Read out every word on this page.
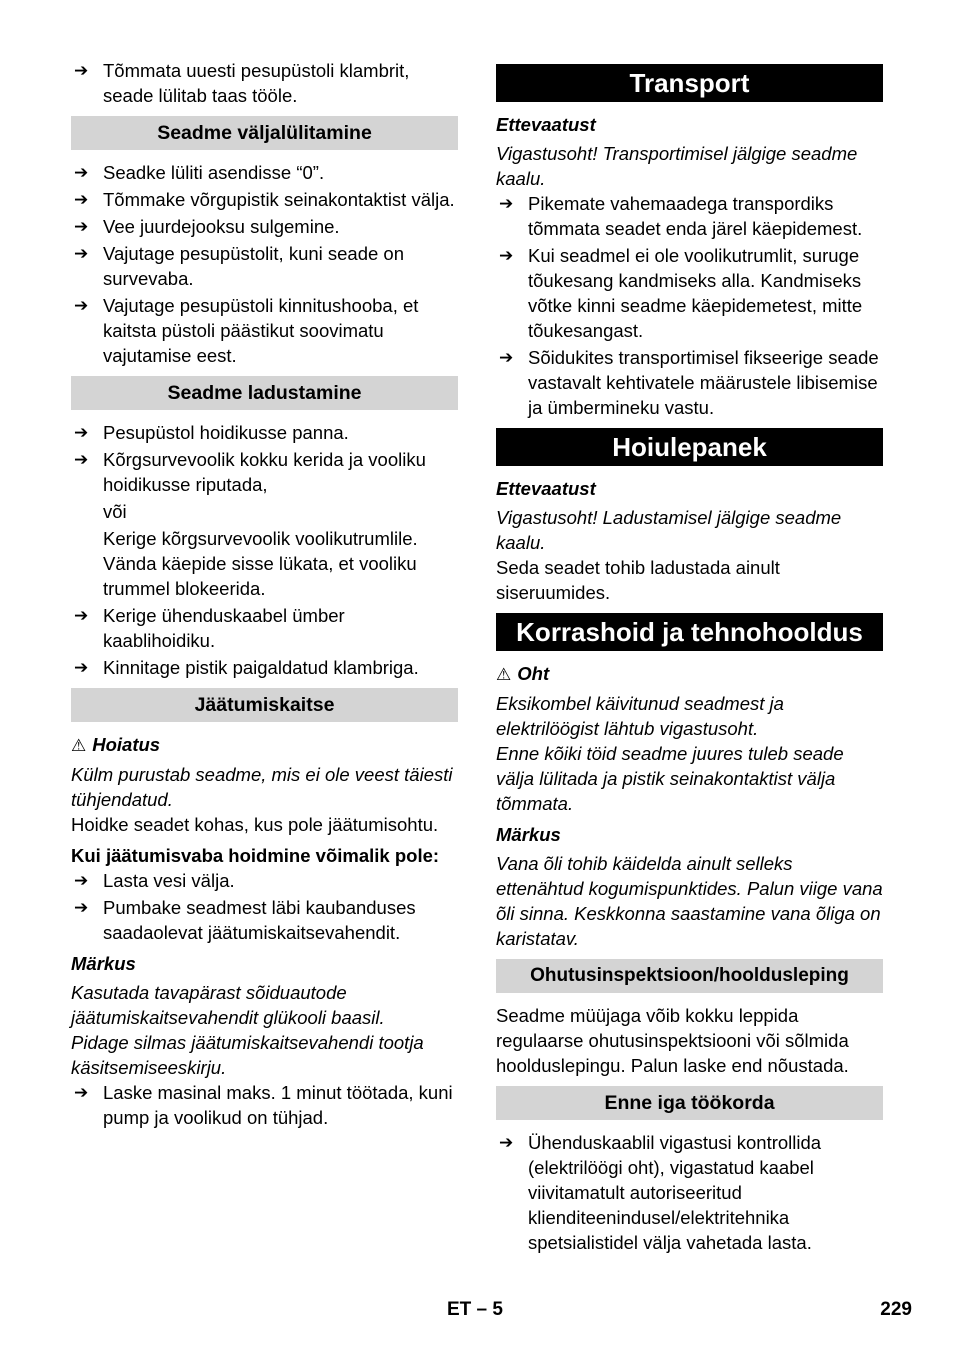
➔ Tõmmata uuesti pesupüstoli klambrit, seade lülitab taas tööle.
Seadme väljalülitamine
➔ Seadke lüliti asendisse “0”.
➔ Tõmmake võrgupistik seinakontaktist välja.
➔ Vee juurdejooksu sulgemine.
➔ Vajutage pesupüstolit, kuni seade on survevaba.
➔ Vajutage pesupüstoli kinnitushooba, et kaitsta püstoli päästikut soovimatu vajutamise eest.
Seadme ladustamine
➔ Pesupüstol hoidikusse panna.
➔ Kõrgsurvevoolik kokku kerida ja vooliku hoidikusse riputada,
või
Kerige kõrgsurvevoolik voolikutrumlile. Vända käepide sisse lükata, et vooliku trummel blokeerida.
➔ Kerige ühenduskaabel ümber kaablihoidiku.
➔ Kinnitage pistik paigaldatud klambriga.
Jäätumiskaitse
⚠ Hoiatus
Külm purustab seadme, mis ei ole veest täiesti tühjendatud.
Hoidke seadet kohas, kus pole jäätumisohtu.
Kui jäätumisvaba hoidmine võimalik pole:
➔ Lasta vesi välja.
➔ Pumbake seadmest läbi kaubanduses saadaolevat jäätumiskaitsevahendit.
Märkus
Kasutada tavapärast sõiduautode jäätumiskaitsevahendit glükooli baasil.
Pidage silmas jäätumiskaitsevahendi tootja käsitsemiseeskirju.
➔ Laske masinal maks. 1 minut töötada, kuni pump ja voolikud on tühjad.
Transport
Ettevaatust
Vigastusoht! Transportimisel jälgige seadme kaalu.
➔ Pikemate vahemaadega transpordiks tõmmata seadet enda järel käepidemest.
➔ Kui seadmel ei ole voolikutrumlit, suruge tõukesang kandmiseks alla. Kandmiseks võtke kinni seadme käepidemetest, mitte tõukesangast.
➔ Sõidukites transportimisel fikseerige seade vastavalt kehtivatele määrustele libisemise ja ümbermineku vastu.
Hoiulepanek
Ettevaatust
Vigastusoht! Ladustamisel jälgige seadme kaalu.
Seda seadet tohib ladustada ainult siseruumides.
Korrashoid ja tehnohooldus
⚠ Oht
Eksikombel käivitunud seadmest ja elektrilöögist lähtub vigastusoht.
Enne kõiki töid seadme juures tuleb seade välja lülitada ja pistik seinakontaktist välja tõmmata.
Märkus
Vana õli tohib käidelda ainult selleks ettenähtud kogumispunktides. Palun viige vana õli sinna. Keskkonna saastamine vana õliga on karistatav.
Ohutusinspektsioon/hooldusleping
Seadme müüjaga võib kokku leppida regulaarse ohutusinspektsiooni või sõlmida hoolduslepingu. Palun laske end nõustada.
Enne iga töökorda
➔ Ühenduskaablil vigastusi kontrollida (elektrilöögi oht), vigastatud kaabel viivitamatult autoriseeritud klienditeenindusel/elektritehnika spetsialistidel välja vahetada lasta.
ET – 5	229
